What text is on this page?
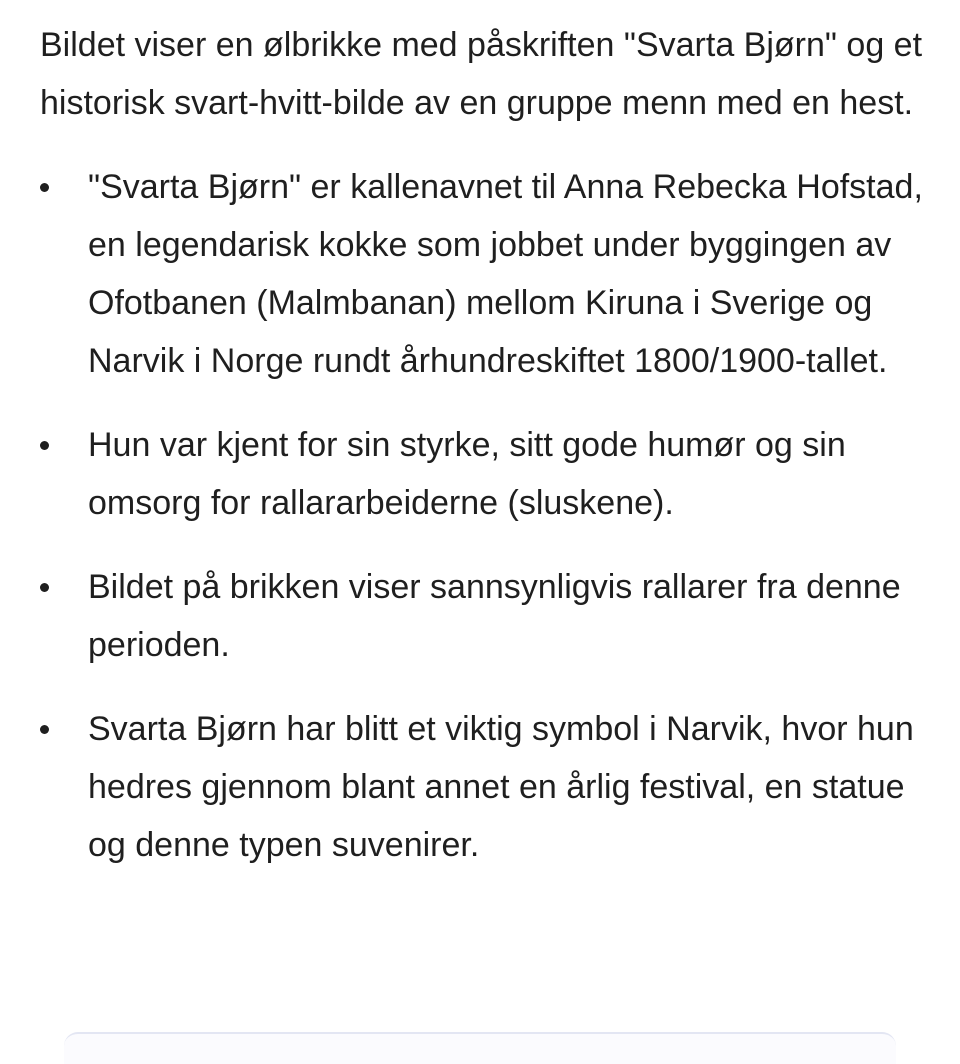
Bildet viser en ølbrikke med påskriften "Svarta Bjørn" og et historisk svart-hvitt-bilde av en gruppe menn med en hest.

"Svarta Bjørn" er kallenavnet til Anna Rebecka Hofstad, en legendarisk kokke som jobbet under byggingen av Ofotbanen (Malmbanan) mellom Kiruna i Sverige og Narvik i Norge rundt århundreskiftet 1800/1900-tallet.
Hun var kjent for sin styrke, sitt gode humør og sin omsorg for rallararbeiderne (sluskene).
Bildet på brikken viser sannsynligvis rallarer fra denne perioden.
Svarta Bjørn har blitt et viktig symbol i Narvik, hvor hun hedres gjennom blant annet en årlig festival, en statue og denne typen suvenirer.
